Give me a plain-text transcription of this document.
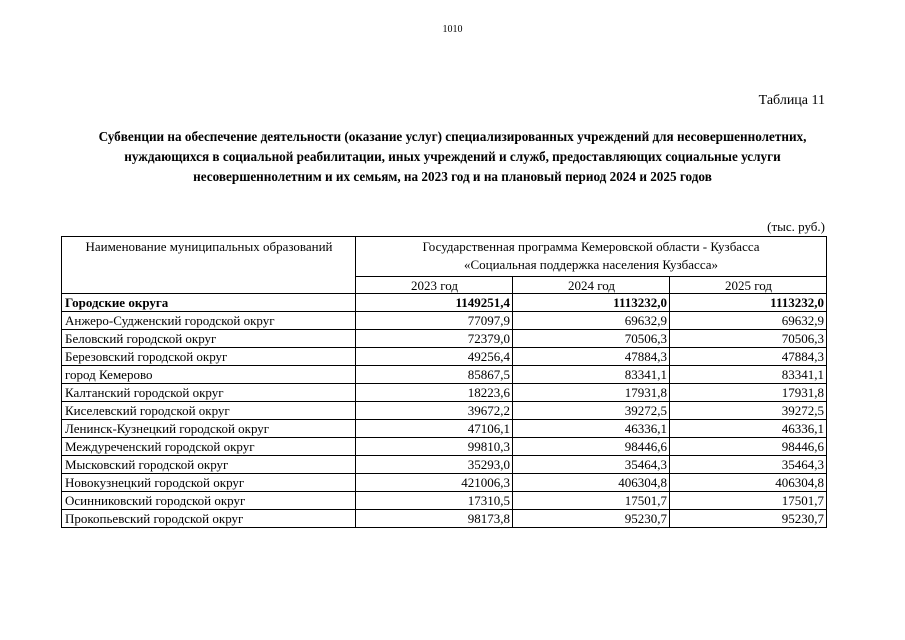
1010
Таблица 11
Субвенции на обеспечение деятельности (оказание услуг) специализированных учреждений для несовершеннолетних,
нуждающихся в социальной реабилитации, иных учреждений и служб, предоставляющих социальные услуги
несовершеннолетним и их семьям, на 2023 год и на плановый период 2024 и 2025 годов
(тыс. руб.)
Наименование муниципальных образований	Государственная программа Кемеровской области - Кузбасса
«Социальная поддержка населения Кузбасса»		

	2023 год	2024 год	2025 год
Городские округа	1149251,4	1113232,0	1113232,0
Анжеро-Судженский городской округ	77097,9	69632,9	69632,9
Беловский городской округ	72379,0	70506,3	70506,3
Березовский городской округ	49256,4	47884,3	47884,3
город Кемерово	85867,5	83341,1	83341,1
Калтанский городской округ	18223,6	17931,8	17931,8
Киселевский городской округ	39672,2	39272,5	39272,5
Ленинск-Кузнецкий городской округ	47106,1	46336,1	46336,1
Междуреченский городской округ	99810,3	98446,6	98446,6
Мысковский городской округ	35293,0	35464,3	35464,3
Новокузнецкий городской округ	421006,3	406304,8	406304,8
Осинниковский городской округ	17310,5	17501,7	17501,7
Прокопьевский городской округ	98173,8	95230,7	95230,7
